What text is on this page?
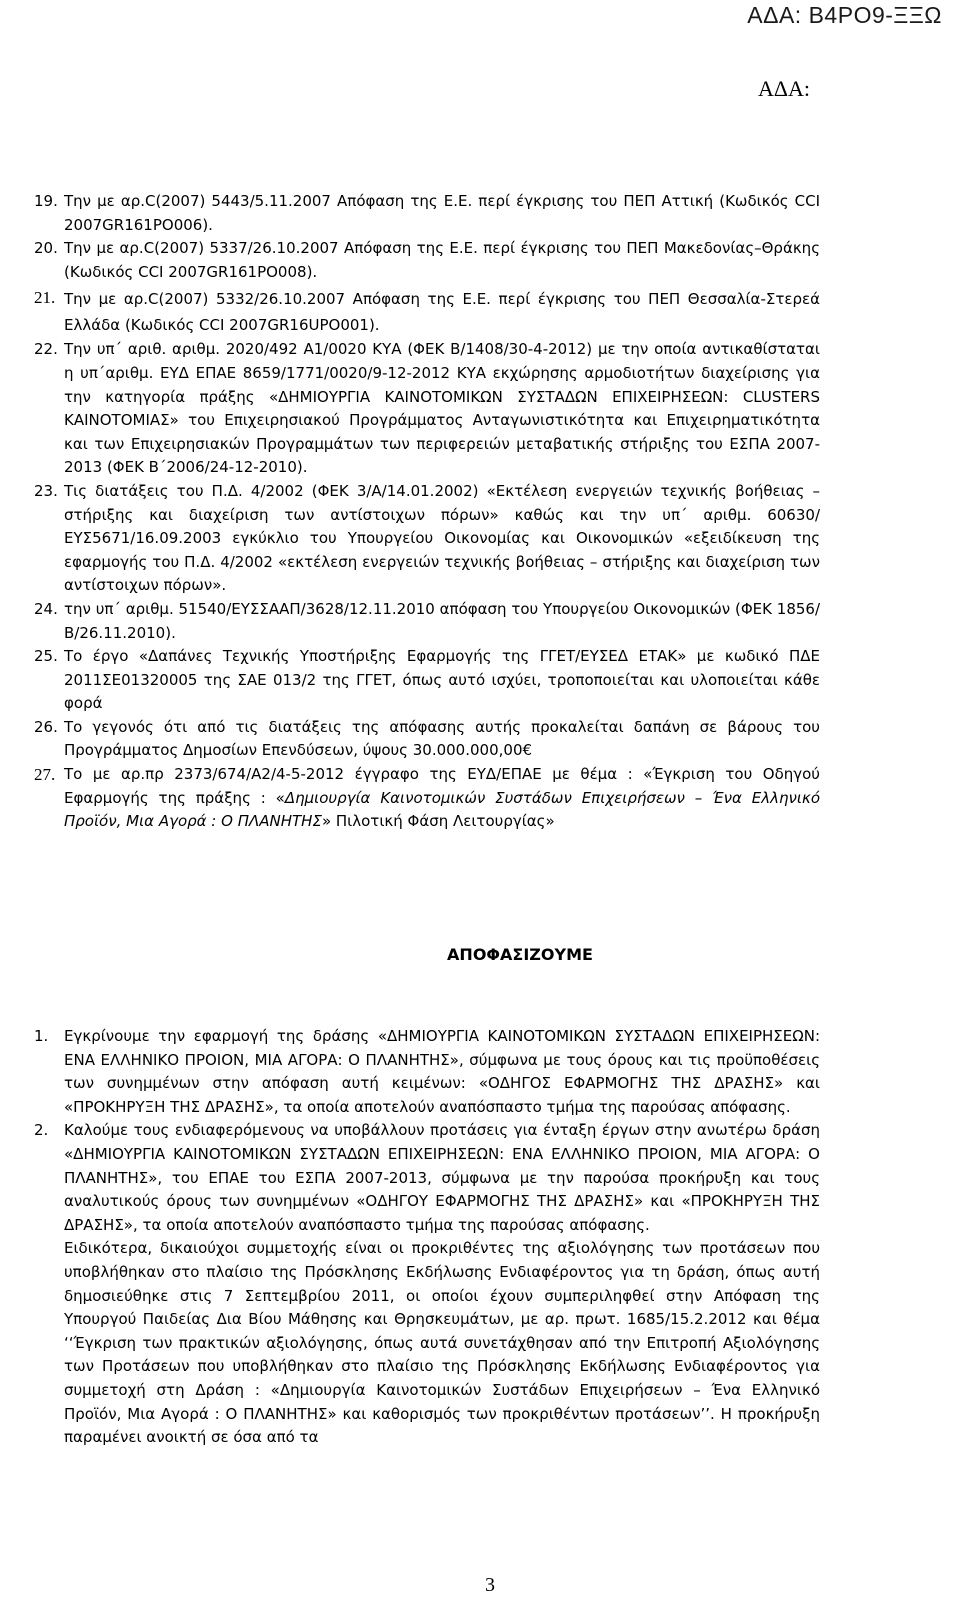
ΑΔΑ: Β4ΡΟ9-ΞΞΩ
ΑΔΑ:
19. Την με αρ.C(2007) 5443/5.11.2007 Απόφαση της Ε.Ε. περί έγκρισης του ΠΕΠ Αττική (Κωδικός CCI 2007GR161PO006).
20. Την με αρ.C(2007) 5337/26.10.2007 Απόφαση της Ε.Ε. περί έγκρισης του ΠΕΠ Μακεδονίας–Θράκης (Κωδικός CCI 2007GR161PO008).
21. Την με αρ.C(2007) 5332/26.10.2007 Απόφαση της Ε.Ε. περί έγκρισης του ΠΕΠ Θεσσαλία-Στερεά Ελλάδα (Κωδικός CCI 2007GR16UPO001).
22. Την υπ΄ αριθ. αριθμ. 2020/492 Α1/0020 ΚΥΑ (ΦΕΚ Β/1408/30-4-2012) με την οποία αντικαθίσταται η υπ΄αριθμ. ΕΥΔ ΕΠΑΕ 8659/1771/0020/9-12-2012 ΚΥΑ εκχώρησης αρμοδιοτήτων διαχείρισης για την κατηγορία πράξης «ΔΗΜΙΟΥΡΓΙΑ ΚΑΙΝΟΤΟΜΙΚΩΝ ΣΥΣΤΑΔΩΝ ΕΠΙΧΕΙΡΗΣΕΩΝ: CLUSTERS ΚΑΙΝΟΤΟΜΙΑΣ» του Επιχειρησιακού Προγράμματος Ανταγωνιστικότητα και Επιχειρηματικότητα και των Επιχειρησιακών Προγραμμάτων των περιφερειών μεταβατικής στήριξης του ΕΣΠΑ 2007-2013 (ΦΕΚ Β΄2006/24-12-2010).
23. Τις διατάξεις του Π.Δ. 4/2002 (ΦΕΚ 3/Α/14.01.2002) «Εκτέλεση ενεργειών τεχνικής βοήθειας – στήριξης και διαχείριση των αντίστοιχων πόρων» καθώς και την υπ΄ αριθμ. 60630/ΕΥΣ5671/16.09.2003 εγκύκλιο του Υπουργείου Οικονομίας και Οικονομικών «εξειδίκευση της εφαρμογής του Π.Δ. 4/2002 «εκτέλεση ενεργειών τεχνικής βοήθειας – στήριξης και διαχείριση των αντίστοιχων πόρων».
24. την υπ΄ αριθμ. 51540/ΕΥΣΣΑΑΠ/3628/12.11.2010 απόφαση του Υπουργείου Οικονομικών (ΦΕΚ 1856/Β/26.11.2010).
25. Το έργο «Δαπάνες Τεχνικής Υποστήριξης Εφαρμογής της ΓΓΕΤ/ΕΥΣΕΔ ΕΤΑΚ» με κωδικό ΠΔΕ 2011ΣΕ01320005 της ΣΑΕ 013/2 της ΓΓΕΤ, όπως αυτό ισχύει, τροποποιείται και υλοποιείται κάθε φορά
26. Το γεγονός ότι από τις διατάξεις της απόφασης αυτής προκαλείται δαπάνη σε βάρους του Προγράμματος Δημοσίων Επενδύσεων, ύψους 30.000.000,00€
27. Το με αρ.πρ 2373/674/Α2/4-5-2012 έγγραφο της ΕΥΔ/ΕΠΑΕ με θέμα : «Έγκριση του Οδηγού Εφαρμογής της πράξης : «Δημιουργία Καινοτομικών Συστάδων Επιχειρήσεων – Ένα Ελληνικό Προϊόν, Μια Αγορά : Ο ΠΛΑΝΗΤΗΣ» Πιλοτική Φάση Λειτουργίας»
ΑΠΟΦΑΣΙΖΟΥΜΕ
1. Εγκρίνουμε την εφαρμογή της δράσης «ΔΗΜΙΟΥΡΓΙΑ ΚΑΙΝΟΤΟΜΙΚΩΝ ΣΥΣΤΑΔΩΝ ΕΠΙΧΕΙΡΗΣΕΩΝ: ΕΝΑ ΕΛΛΗΝΙΚΟ ΠΡΟΙΟΝ, ΜΙΑ ΑΓΟΡΑ: Ο ΠΛΑΝΗΤΗΣ», σύμφωνα με τους όρους και τις προϋποθέσεις των συνημμένων στην απόφαση αυτή κειμένων: «ΟΔΗΓΟΣ ΕΦΑΡΜΟΓΗΣ ΤΗΣ ΔΡΑΣΗΣ» και «ΠΡΟΚΗΡΥΞΗ ΤΗΣ ΔΡΑΣΗΣ», τα οποία αποτελούν αναπόσπαστο τμήμα της παρούσας απόφασης.
2. Καλούμε τους ενδιαφερόμενους να υποβάλλουν προτάσεις για ένταξη έργων στην ανωτέρω δράση «ΔΗΜΙΟΥΡΓΙΑ ΚΑΙΝΟΤΟΜΙΚΩΝ ΣΥΣΤΑΔΩΝ ΕΠΙΧΕΙΡΗΣΕΩΝ: ΕΝΑ ΕΛΛΗΝΙΚΟ ΠΡΟΙΟΝ, ΜΙΑ ΑΓΟΡΑ: Ο ΠΛΑΝΗΤΗΣ», του ΕΠΑΕ του ΕΣΠΑ 2007-2013, σύμφωνα με την παρούσα προκήρυξη και τους αναλυτικούς όρους των συνημμένων «ΟΔΗΓΟΥ ΕΦΑΡΜΟΓΗΣ ΤΗΣ ΔΡΑΣΗΣ» και «ΠΡΟΚΗΡΥΞΗ ΤΗΣ ΔΡΑΣΗΣ», τα οποία αποτελούν αναπόσπαστο τμήμα της παρούσας απόφασης.
Ειδικότερα, δικαιούχοι συμμετοχής είναι οι προκριθέντες της αξιολόγησης των προτάσεων που υποβλήθηκαν στο πλαίσιο της Πρόσκλησης Εκδήλωσης Ενδιαφέροντος για τη δράση, όπως αυτή δημοσιεύθηκε στις 7 Σεπτεμβρίου 2011, οι οποίοι έχουν συμπεριληφθεί στην Απόφαση της Υπουργού Παιδείας Δια Βίου Μάθησης και Θρησκευμάτων, με αρ. πρωτ. 1685/15.2.2012 και θέμα ‘‘Έγκριση των πρακτικών αξιολόγησης, όπως αυτά συνετάχθησαν από την Επιτροπή Αξιολόγησης των Προτάσεων που υποβλήθηκαν στο πλαίσιο της Πρόσκλησης Εκδήλωσης Ενδιαφέροντος για συμμετοχή στη Δράση : «Δημιουργία Καινοτομικών Συστάδων Επιχειρήσεων – Ένα Ελληνικό Προϊόν, Μια Αγορά : Ο ΠΛΑΝΗΤΗΣ» και καθορισμός των προκριθέντων προτάσεων’’. Η προκήρυξη παραμένει ανοικτή σε όσα από τα
3
